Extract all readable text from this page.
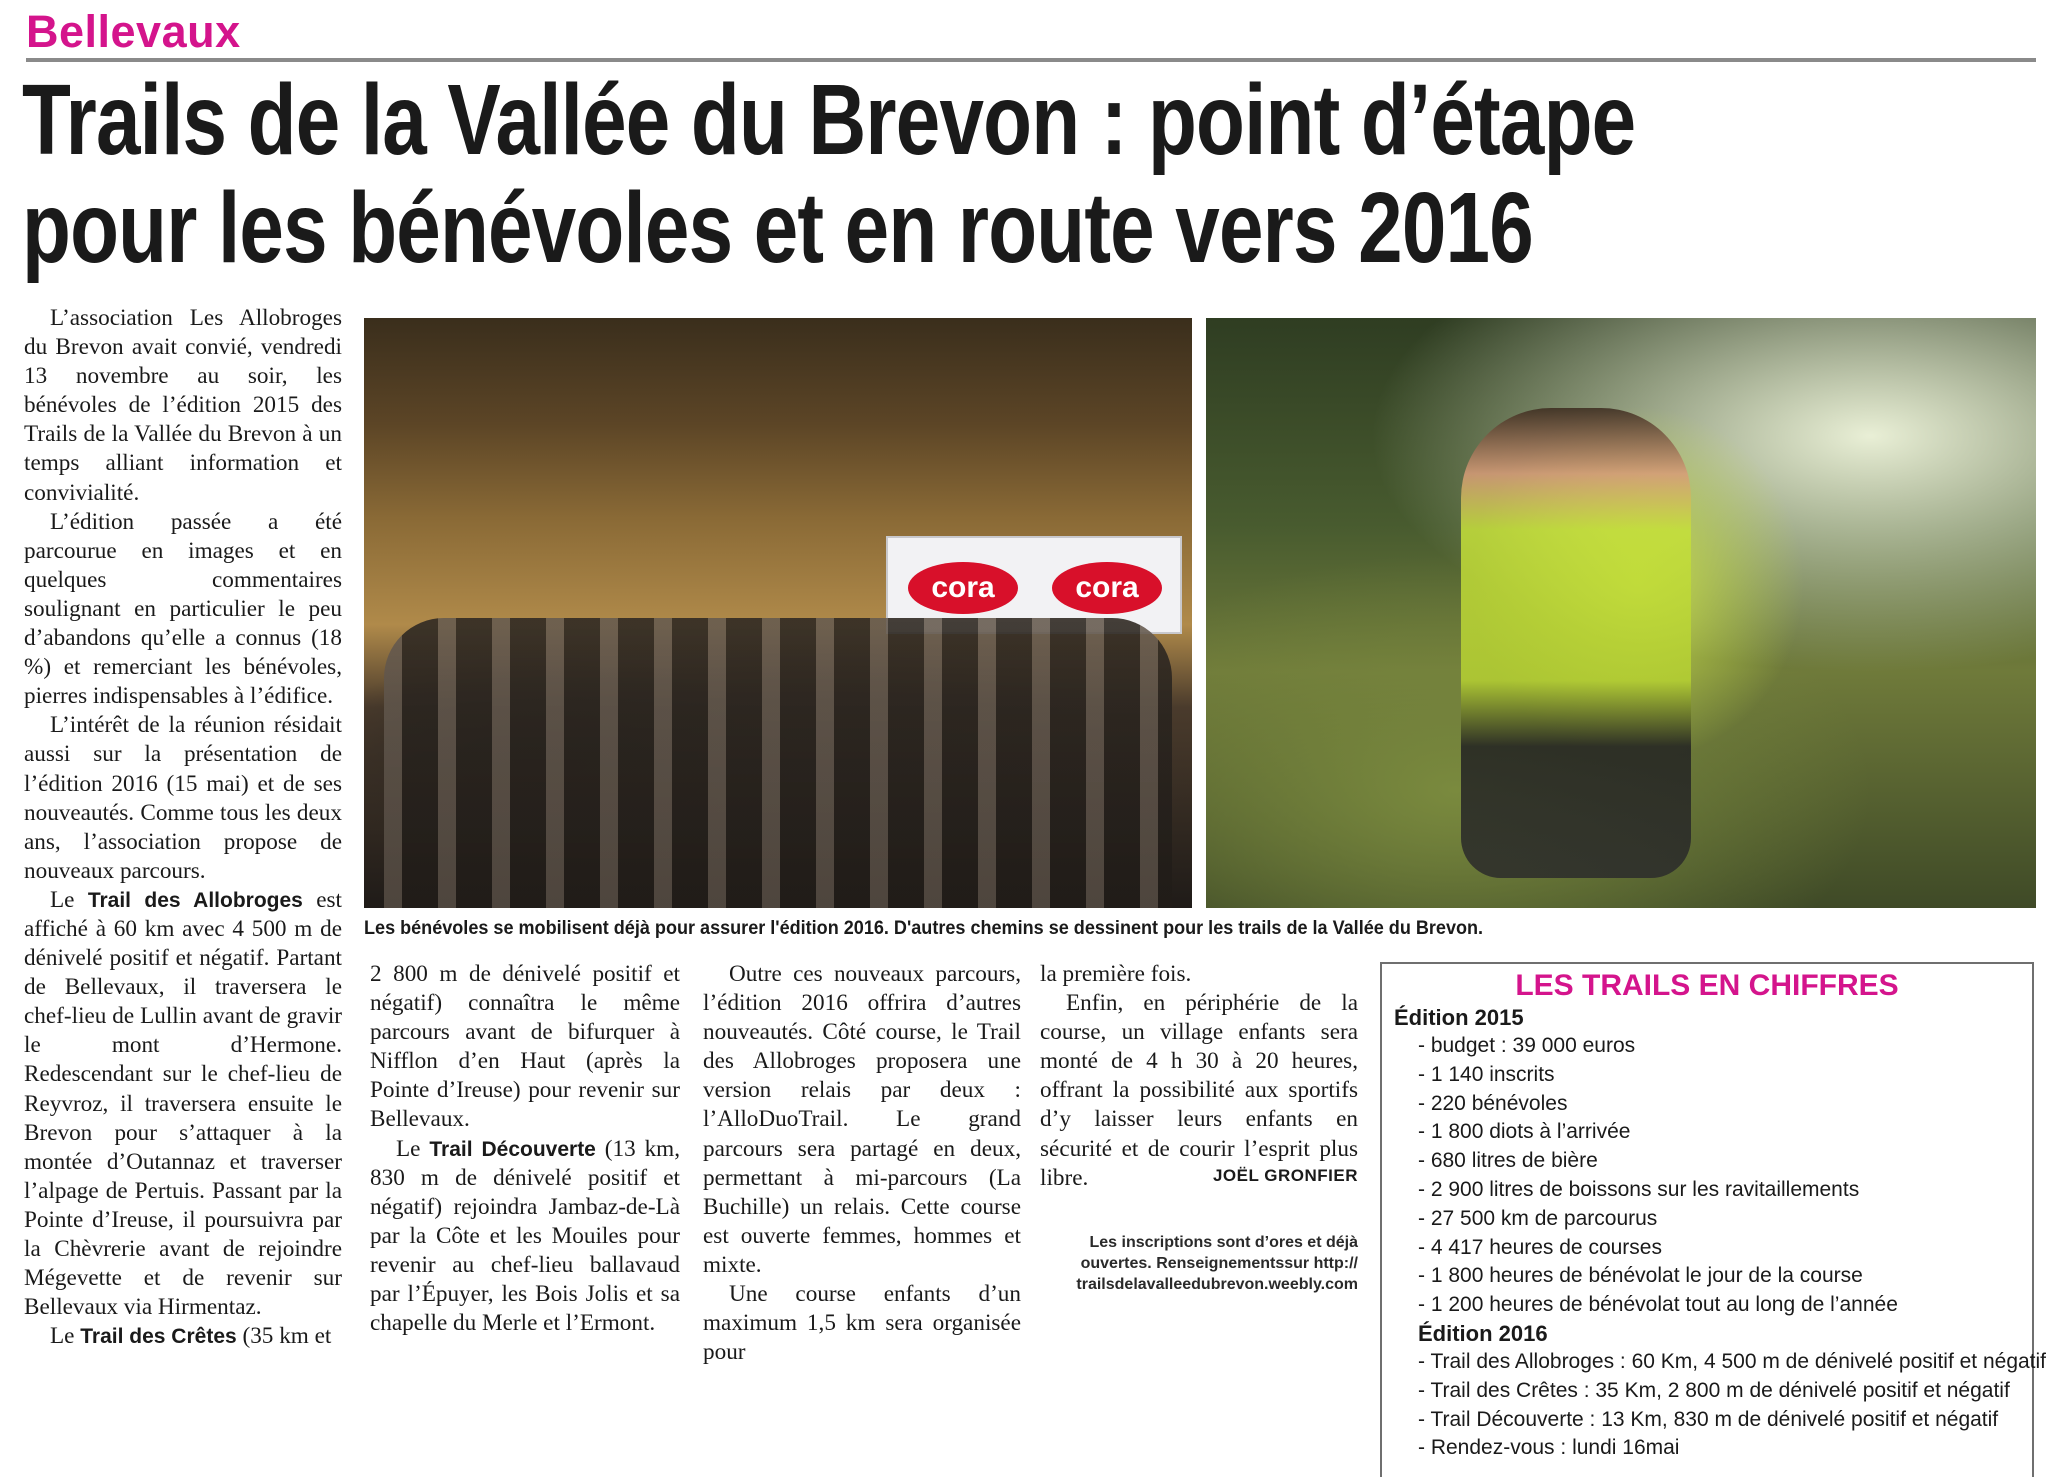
Bellevaux
Trails de la Vallée du Brevon : point d’étape
pour les bénévoles et en route vers 2016

L’association Les Allobroges du Brevon avait convié, vendredi 13 novembre au soir, les bénévoles de l’édition 2015 des Trails de la Vallée du Brevon à un temps alliant information et convivialité.

L’édition passée a été parcourue en images et en quelques commentaires soulignant en particulier le peu d’abandons qu’elle a connus (18 %) et remerciant les bénévoles, pierres indispensables à l’édifice.

L’intérêt de la réunion résidait aussi sur la présentation de l’édition 2016 (15 mai) et de ses nouveautés. Comme tous les deux ans, l’association propose de nouveaux parcours.

Le Trail des Allobroges est affiché à 60 km avec 4 500 m de dénivelé positif et négatif. Partant de Bellevaux, il traversera le chef-lieu de Lullin avant de gravir le mont d’Hermone. Redescendant sur le chef-lieu de Reyvroz, il traversera ensuite le Brevon pour s’attaquer à la montée d’Outannaz et traverser l’alpage de Pertuis. Passant par la Pointe d’Ireuse, il poursuivra par la Chèvrerie avant de rejoindre Mégevette et de revenir sur Bellevaux via Hirmentaz.

Le Trail des Crêtes (35 km et

cora	cora
Les bénévoles se mobilisent déjà pour assurer l'édition 2016. D'autres chemins se dessinent pour les trails de la Vallée du Brevon.

2 800 m de dénivelé positif et négatif) connaîtra le même parcours avant de bifurquer à Nifflon d’en Haut (après la Pointe d’Ireuse) pour revenir sur Bellevaux.

Le Trail Découverte (13 km, 830 m de dénivelé positif et négatif) rejoindra Jambaz-de-Là par la Côte et les Mouiles pour revenir au chef-lieu ballavaud par l’Épuyer, les Bois Jolis et sa chapelle du Merle et l’Ermont.

Outre ces nouveaux parcours, l’édition 2016 offrira d’autres nouveautés. Côté course, le Trail des Allobroges proposera une version relais par deux : l’AlloDuoTrail. Le grand parcours sera partagé en deux, permettant à mi-parcours (La Buchille) un relais. Cette course est ouverte femmes, hommes et mixte.

Une course enfants d’un maximum 1,5 km sera organisée pour

la première fois.

Enfin, en périphérie de la course, un village enfants sera monté de 4 h 30 à 20 heures, offrant la possibilité aux sportifs d’y laisser leurs enfants en sécurité et de courir l’esprit plus libre.	JOËL GRONFIER
Les inscriptions sont d’ores et déjà
ouvertes. Renseignementssur http://
trailsdelavalleedubrevon.weebly.com
LES TRAILS EN CHIFFRES
Édition 2015
- budget : 39 000 euros
- 1 140 inscrits
- 220 bénévoles
- 1 800 diots à l’arrivée
- 680 litres de bière
- 2 900 litres de boissons sur les ravitaillements
- 27 500 km de parcourus
- 4 417 heures de courses
- 1 800 heures de bénévolat le jour de la course
- 1 200 heures de bénévolat tout au long de l’année
Édition 2016
- Trail des Allobroges : 60 Km, 4 500 m de dénivelé positif et négatif
- Trail des Crêtes : 35 Km, 2 800 m de dénivelé positif et négatif
- Trail Découverte : 13 Km, 830 m de dénivelé positif et négatif
- Rendez-vous : lundi 16mai
